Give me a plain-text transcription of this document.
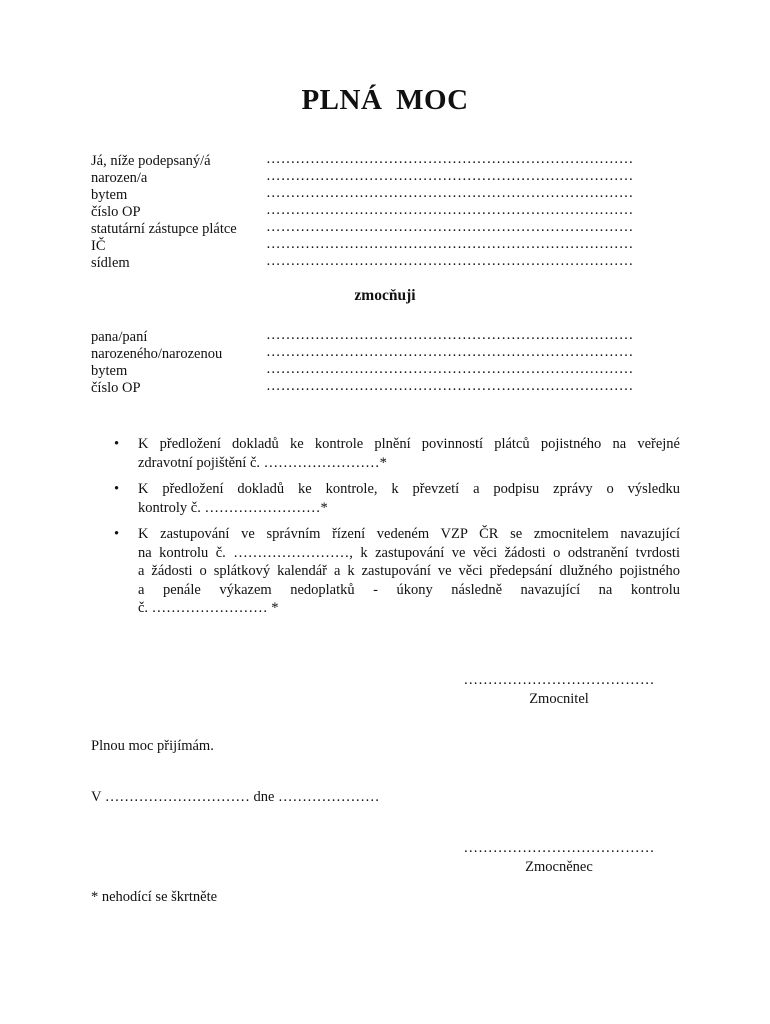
PLNÁ MOC
Já, níže podepsaný/á	…………………………………………………………………
narozen/a	…………………………………………………………………
bytem	…………………………………………………………………
číslo OP	…………………………………………………………………
statutární zástupce plátce …………………………………………………………………
IČ	…………………………………………………………………
sídlem	…………………………………………………………………
zmocňuji
pana/paní	…………………………………………………………………
narozeného/narozenou	…………………………………………………………………
bytem	…………………………………………………………………
číslo OP	…………………………………………………………………
• K předložení dokladů ke kontrole plnění povinností plátců pojistného na veřejné
zdravotní pojištění č. ……………………*
• K předložení dokladů ke kontrole, k převzetí a podpisu zprávy o výsledku
kontroly č. ……………………*
• K zastupování ve správním řízení vedeném VZP ČR se zmocnitelem navazující
na kontrolu č. ……………………, k zastupování ve věci žádosti o odstranění tvrdosti
a žádosti o splátkový kalendář a k zastupování ve věci předepsání dlužného pojistného
a penále výkazem nedoplatků - úkony následně navazující na kontrolu
č. …………………… *
…………………………………
Zmocnitel
Plnou moc přijímám.
V ………………………… dne …………………
…………………………………
Zmocněnec
* nehodící se škrtněte
